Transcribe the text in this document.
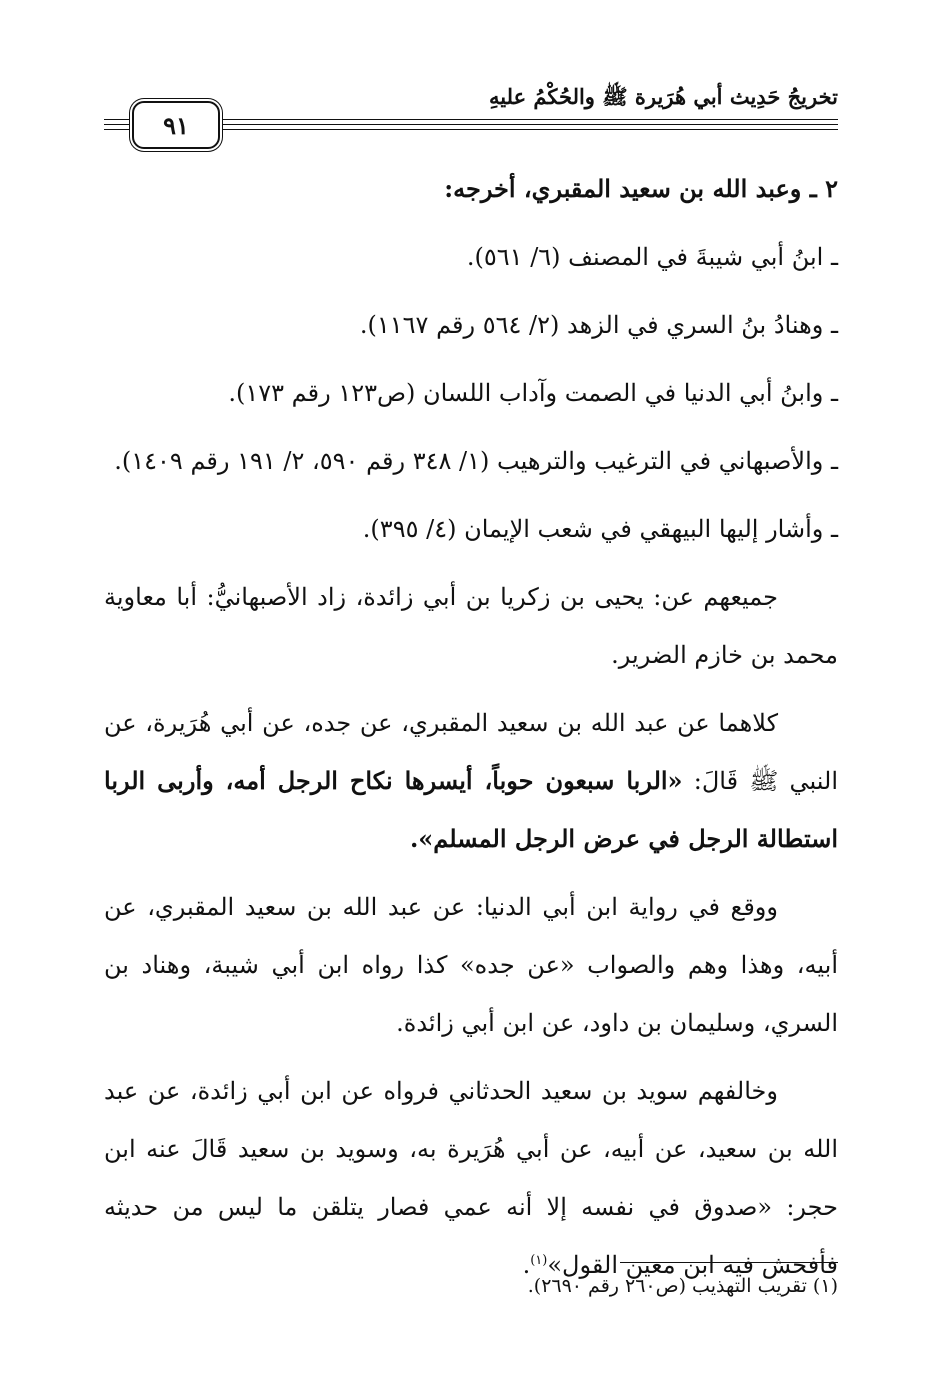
تخريجُ حَدِيث أبي هُرَيرة ﷺ والحُكْمُ عليهِ
٩١

٢ ـ وعبد الله بن سعيد المقبري، أخرجه:

ـ ابنُ أبي شيبةَ في المصنف (٦/ ٥٦١).

ـ وهنادُ بنُ السري في الزهد (٢/ ٥٦٤ رقم ١١٦٧).

ـ وابنُ أبي الدنيا في الصمت وآداب اللسان (ص١٢٣ رقم ١٧٣).

ـ والأصبهاني في الترغيب والترهيب (١/ ٣٤٨ رقم ٥٩٠، ٢/ ١٩١ رقم ١٤٠٩).

ـ وأشار إليها البيهقي في شعب الإيمان (٤/ ٣٩٥).

جميعهم عن: يحيى بن زكريا بن أبي زائدة، زاد الأصبهانيُّ: أبا معاوية محمد بن خازم الضرير.

كلاهما عن عبد الله بن سعيد المقبري، عن جده، عن أبي هُرَيرة، عن النبي ﷺ قَالَ: «الربا سبعون حوباً، أيسرها نكاح الرجل أمه، وأربى الربا استطالة الرجل في عرض الرجل المسلم».

ووقع في رواية ابن أبي الدنيا: عن عبد الله بن سعيد المقبري، عن أبيه، وهذا وهم والصواب «عن جده» كذا رواه ابن أبي شيبة، وهناد بن السري، وسليمان بن داود، عن ابن أبي زائدة.

وخالفهم سويد بن سعيد الحدثاني فرواه عن ابن أبي زائدة، عن عبد الله بن سعيد، عن أبيه، عن أبي هُرَيرة به، وسويد بن سعيد قَالَ عنه ابن حجر: «صدوق في نفسه إلا أنه عمي فصار يتلقن ما ليس من حديثه فأفحش فيه ابن معين القول»$^{(١)}$.

(١) تقريب التهذيب (ص٢٦٠ رقم ٢٦٩٠).
